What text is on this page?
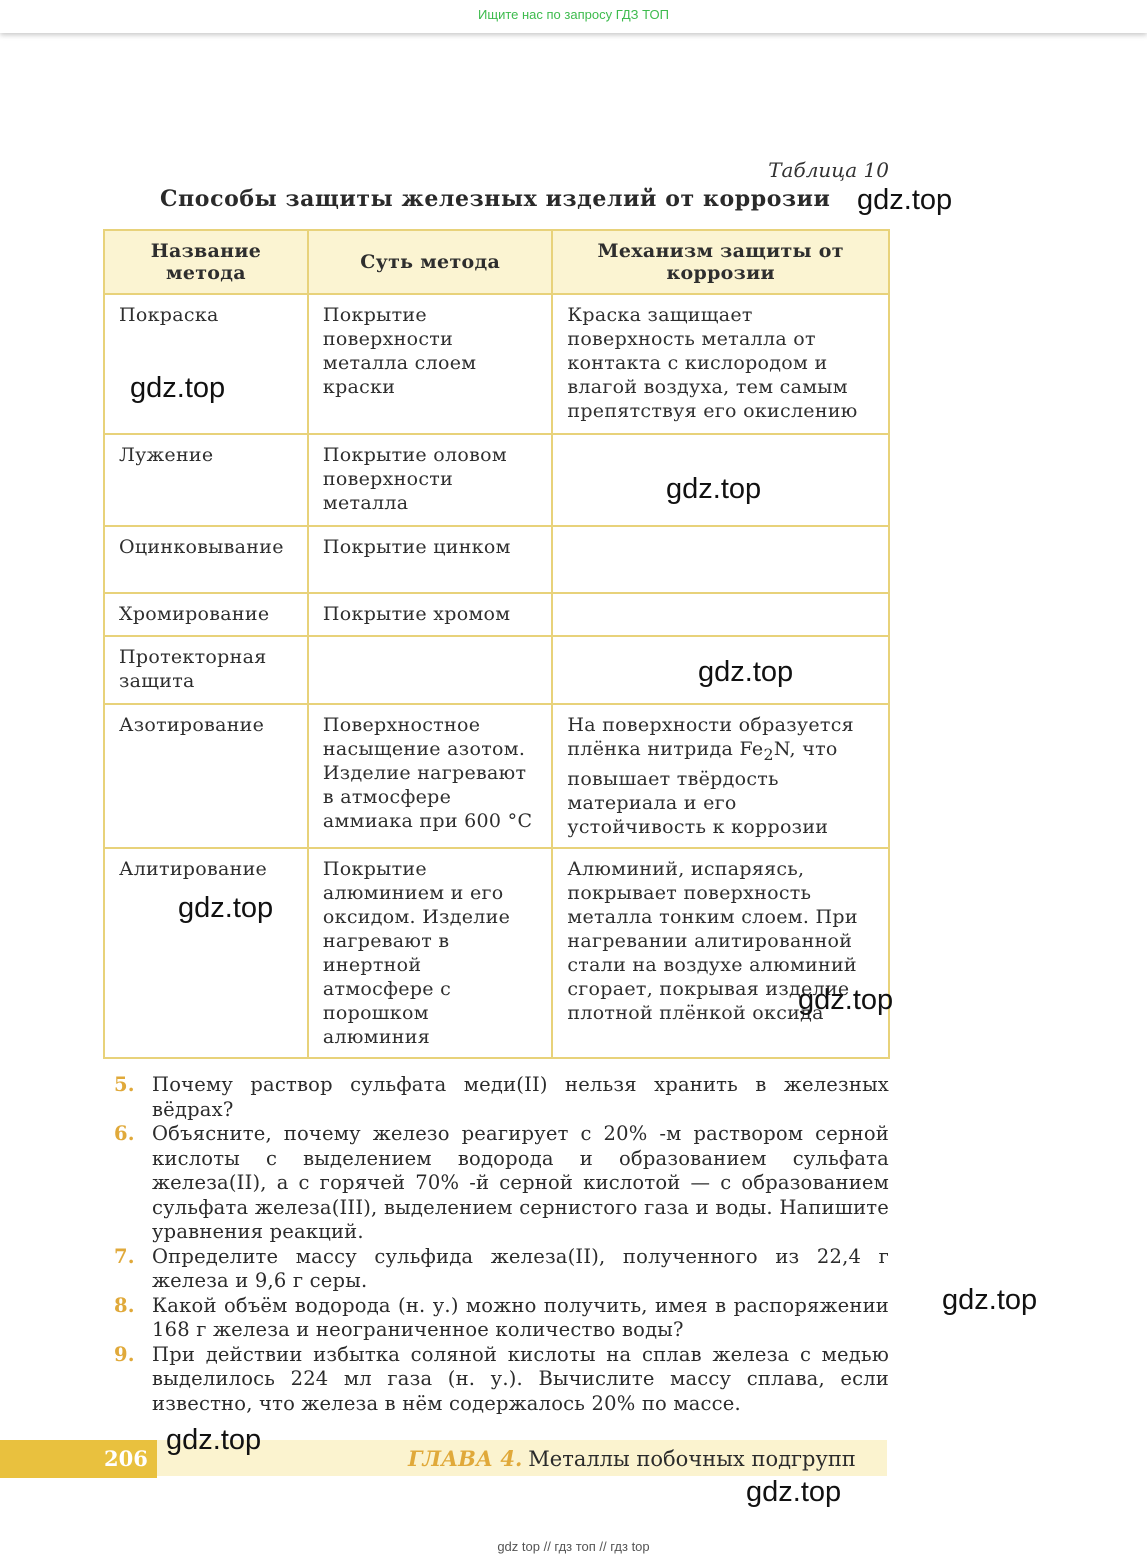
Ищите нас по запросу ГДЗ ТОП
Таблица 10
Способы защиты железных изделий от коррозии
Название метода	Суть метода	Механизм защиты от коррозии
Покраска	Покрытие поверхности металла слоем краски	Краска защищает поверхность металла от контакта с кислородом и влагой воздуха, тем самым препятствуя его окислению
Лужение	Покрытие оловом поверхности металла	
Оцинковывание	Покрытие цинком	
Хромирование	Покрытие хромом	
Протекторная защита		
Азотирование	Поверхностное насыщение азотом. Изделие нагревают в атмосфере аммиака при 600 °C	На поверхности образуется плёнка нитрида $Fe_2N$, что повышает твёрдость материала и его устойчивость к коррозии
Алитирование	Покрытие алюминием и его оксидом. Изделие нагревают в инертной атмосфере с порошком алюминия	Алюминий, испаряясь, покрывает поверхность металла тонким слоем. При нагревании алитированной стали на воздухе алюминий сгорает, покрывая изделие плотной плёнкой оксида
5. Почему раствор сульфата меди(II) нельзя хранить в железных вёдрах?
6. Объясните, почему железо реагирует с 20% -м раствором серной кислоты с выделением водорода и образованием сульфата железа(II), а с горячей 70% -й серной кислотой — с образованием сульфата железа(III), выделением сернистого газа и воды. Напишите уравнения реакций.
7. Определите массу сульфида железа(II), полученного из 22,4 г железа и 9,6 г серы.
8. Какой объём водорода (н. у.) можно получить, имея в распоряжении 168 г железа и неограниченное количество воды?
9. При действии избытка соляной кислоты на сплав железа с медью выделилось 224 мл газа (н. у.). Вычислите массу сплава, если известно, что железа в нём содержалось 20% по массе.
206	ГЛАВА 4. Металлы побочных подгрупп
gdz.top
gdz.top
gdz.top
gdz.top
gdz.top
gdz.top
gdz.top
gdz.top
gdz.top
gdz top // гдз топ // гдз top
